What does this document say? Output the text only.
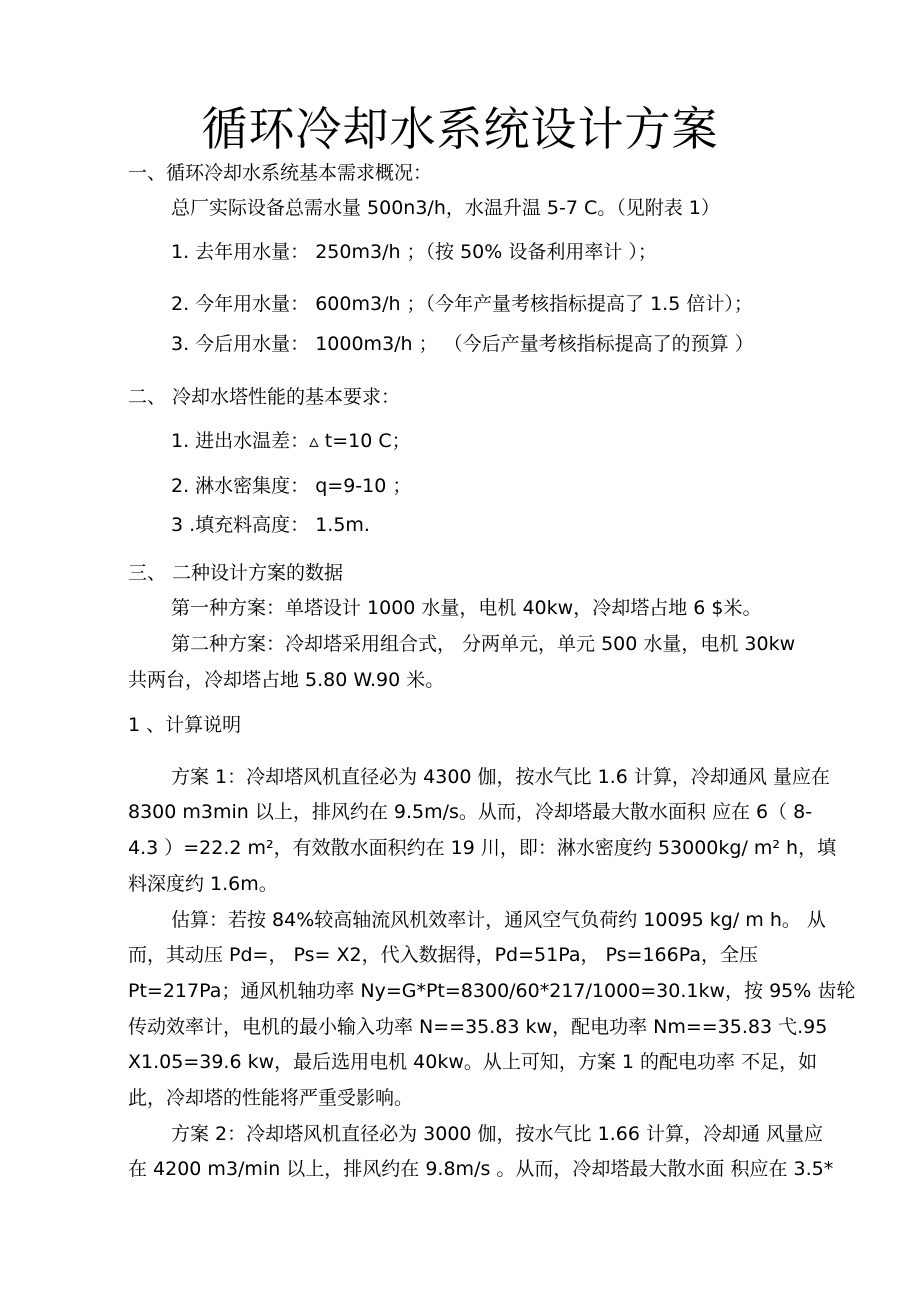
循环冷却水系统设计方案
一、循环冷却水系统基本需求概况：
总厂实际设备总需水量 500n3/h，水温升温 5-7 C。（见附表 1）
1. 去年用水量： 250m3/h ；（按 50% 设备利用率计 ）；
2. 今年用水量： 600m3/h ；（今年产量考核指标提高了 1.5 倍计）；
3. 今后用水量： 1000m3/h ； （今后产量考核指标提高了的预算 ）
二、 冷却水塔性能的基本要求：
1. 进出水温差：▵ t=10 C；
2. 淋水密集度： q=9-10 ；
3 .填充料高度： 1.5m.
三、 二种设计方案的数据
第一种方案：单塔设计 1000 水量，电机 40kw，冷却塔占地 6 $米。
第二种方案：冷却塔采用组合式， 分两单元，单元 500 水量，电机 30kw
共两台，冷却塔占地 5.80 W.90 米。
1 、计算说明
方案 1：冷却塔风机直径必为 4300 伽，按水气比 1.6 计算，冷却通风 量应在
8300 m3min 以上，排风约在 9.5m/s。从而，冷却塔最大散水面积 应在 6（ 8-
4.3 ）=22.2 m²，有效散水面积约在 19 川，即：淋水密度约 53000kg/ m² h，填
料深度约 1.6m。
估算：若按 84%较高轴流风机效率计，通风空气负荷约 10095 kg/ m h。 从
而，其动压 Pd=， Ps= X2，代入数据得，Pd=51Pa， Ps=166Pa，全压
Pt=217Pa；通风机轴功率 Ny=G*Pt=8300/60*217/1000=30.1kw，按 95% 齿轮
传动效率计，电机的最小输入功率 N==35.83 kw，配电功率 Nm==35.83 弋.95
X1.05=39.6 kw，最后选用电机 40kw。从上可知，方案 1 的配电功率 不足，如
此，冷却塔的性能将严重受影响。
方案 2：冷却塔风机直径必为 3000 伽，按水气比 1.66 计算，冷却通 风量应
在 4200 m3/min 以上，排风约在 9.8m/s 。从而，冷却塔最大散水面 积应在 3.5*
